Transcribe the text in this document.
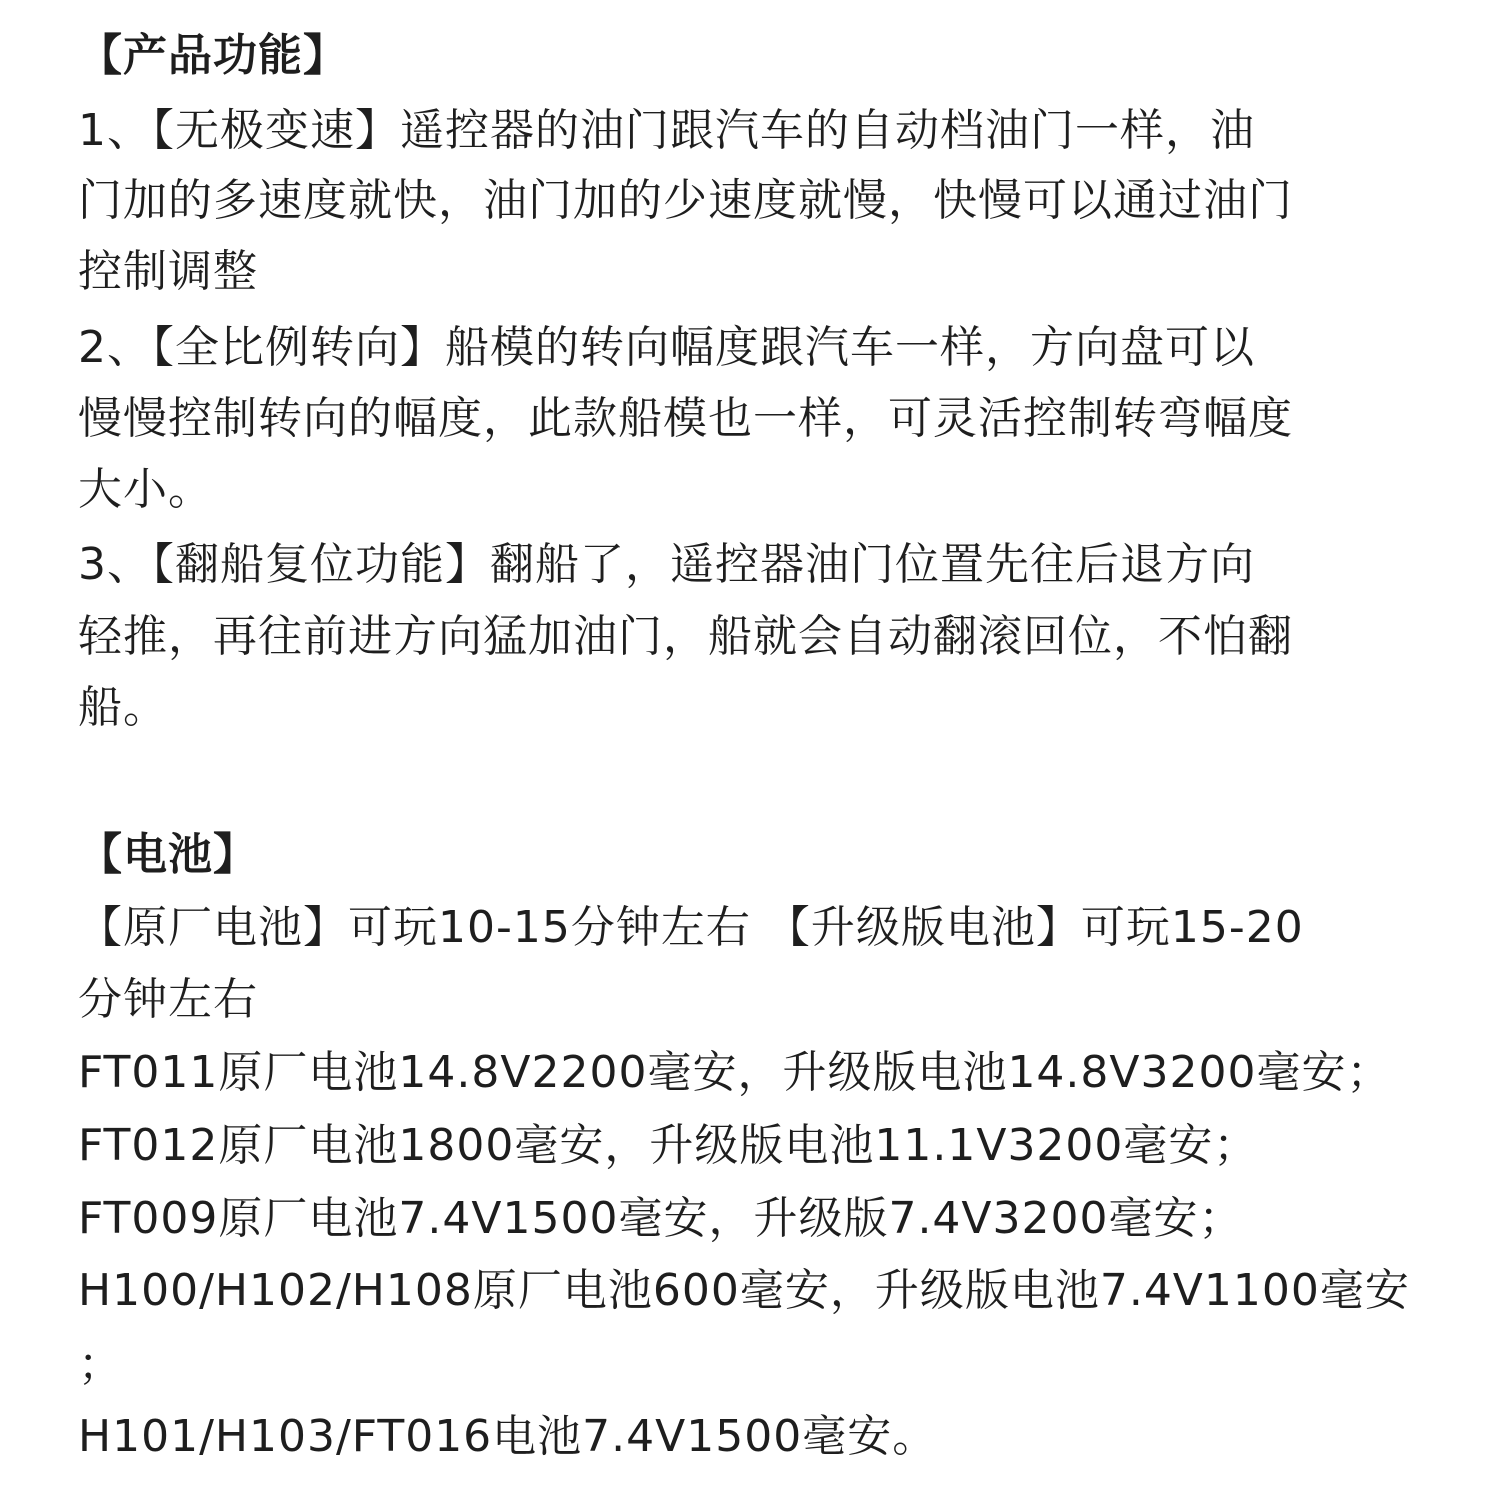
【产品功能】
1、【无极变速】遥控器的油门跟汽车的自动档油门一样，油
门加的多速度就快，油门加的少速度就慢，快慢可以通过油门
控制调整
2、【全比例转向】船模的转向幅度跟汽车一样，方向盘可以
慢慢控制转向的幅度，此款船模也一样，可灵活控制转弯幅度
大小。
3、【翻船复位功能】翻船了，遥控器油门位置先往后退方向
轻推，再往前进方向猛加油门，船就会自动翻滚回位，不怕翻
船。
【电池】
【原厂电池】可玩10-15分钟左右 【升级版电池】可玩15-20
分钟左右
FT011原厂电池14.8V2200毫安，升级版电池14.8V3200毫安；
FT012原厂电池1800毫安，升级版电池11.1V3200毫安；
FT009原厂电池7.4V1500毫安，升级版7.4V3200毫安；
H100/H102/H108原厂电池600毫安，升级版电池7.4V1100毫安
；
H101/H103/FT016电池7.4V1500毫安。
